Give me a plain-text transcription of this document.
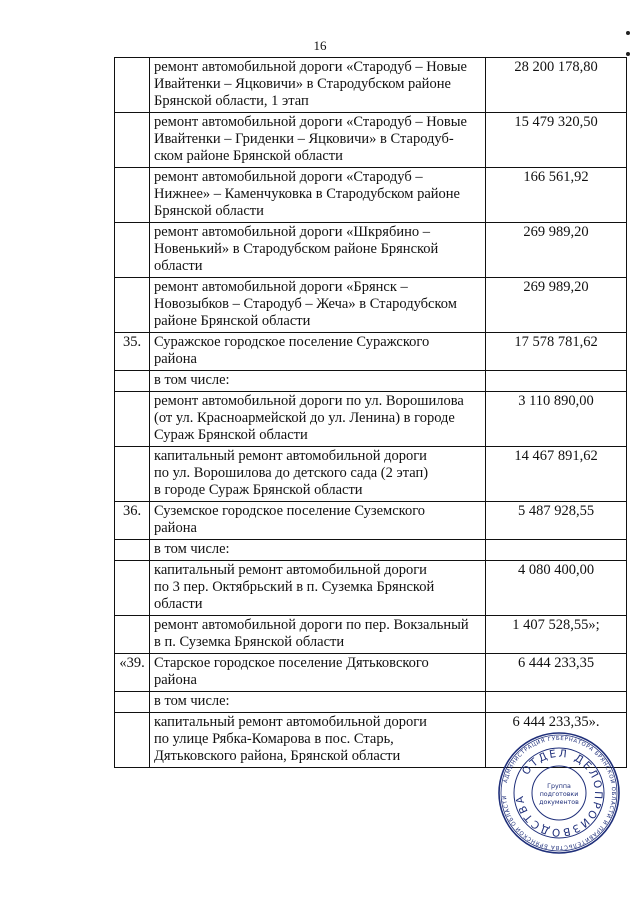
16

	ремонт автомобильной дороги «Стародуб – Новые
Ивайтенки – Яцковичи» в Стародубском районе
Брянской области, 1 этап	28 200 178,80

	ремонт автомобильной дороги «Стародуб – Новые
Ивайтенки – Гриденки – Яцковичи» в Стародуб-
ском районе Брянской области	15 479 320,50

	ремонт автомобильной дороги «Стародуб –
Нижнее» – Каменчуковка в Стародубском районе
Брянской области	166 561,92

	ремонт автомобильной дороги «Шкрябино –
Новенький» в Стародубском районе Брянской
области	269 989,20

	ремонт автомобильной дороги «Брянск –
Новозыбков – Стародуб – Жеча» в Стародубском
районе Брянской области	269 989,20
35.	Суражское городское поселение Суражского
района	17 578 781,62

	в том числе:	

	ремонт автомобильной дороги по ул. Ворошилова
(от ул. Красноармейской до ул. Ленина) в городе
Сураж Брянской области	3 110 890,00

	капитальный ремонт автомобильной дороги
по ул. Ворошилова до детского сада (2 этап)
в городе Сураж Брянской области	14 467 891,62
36.	Суземское городское поселение Суземского
района	5 487 928,55

	в том числе:	

	капитальный ремонт автомобильной дороги
по 3 пер. Октябрьский в п. Суземка Брянской
области	4 080 400,00

	ремонт автомобильной дороги по пер. Вокзальный
в п. Суземка Брянской области	1 407 528,55»;
«39.	Старское городское поселение Дятьковского
района	6 444 233,35

	в том числе:	

	капитальный ремонт автомобильной дороги
по улице Рябка-Комарова в пос. Старь,
Дятьковского района, Брянской области	6 444 233,35».
АДМИНИСТРАЦИЯ ГУБЕРНАТОРА БРЯНСКОЙ ОБЛАСТИ И ПРАВИТЕЛЬСТВА БРЯНСКОЙ ОБЛАСТИ
ОТДЕЛ ДЕЛОПРОИЗВОДСТВА
Группа
подготовки
документов
